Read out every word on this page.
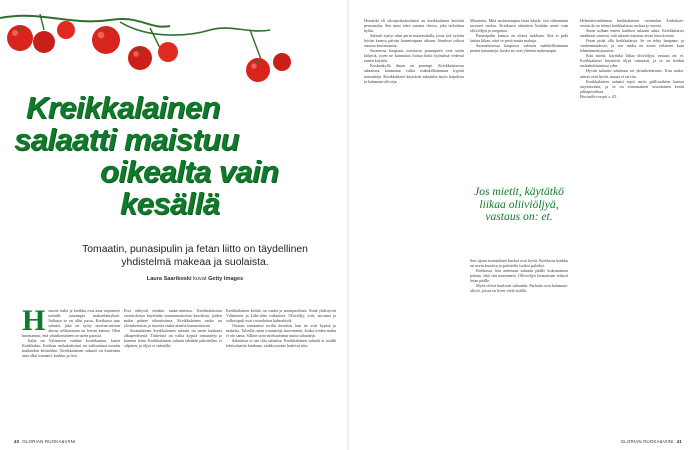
Kreikkalainen
salaatti maistuu
oikealta vain
kesällä

Tomaatin, punasipulin ja fetan liitto on täydellinen yhdistelmä makeaa ja suolaista.

Laura Saarikoski kuvat Getty Images

Himoite italia ja kreikka ovat aina tarjonneet minulle suurimpia makuelämyksiä. Italiassa se on ollut pasta, Kreikassa taas salaatti, joka on syöty taverna-aterian alussa sellaisenaan tai leivän kanssa. Olen huomannut, että yksinkertainen on usein parasta.

Italia on Välimeren vanhaa koulukuntaa, kuten Kreikkakin. Kreikan ruokakulttuuri on vaikuttanut moniin muihinkin keittiöihin. Kreikkalainen salaatti on kuitenkin aina ollut tomaatti, kurkku ja feta.

Erot näkyvät etenkin raaka-aineissa. Kreikkalaisissa ravintoloissa käytetään maustamattomia kasviksia, joiden maku pääsee oikeuksiinsa. Kreikkalainen ruoka on yksinkertaista ja tuoreita raaka-aineita kunnioittavaa.

Suomalainen kreikkalainen salaatti on usein kaukana alkuperäisestä. Tärkeintä on valita kypsiä tomaatteja ja kunnon fetaa. Kreikkalainen salaatti tehdään paloitellen, ei silputen, ja öljyä ei säästellä.

Kreikkalainen keittiö on vanha ja monipuolinen. Siinä yhdistyvät Välimeren ja Lähi-idän vaikutteet. Oliiviöljy, yrtit, sitruuna ja valkosipuli ovat ruoanlaiton kulmakiviä.

Ostatan tomaattini torilta kesäisin, kun ne ovat kypsiä ja makeita. Talvella ostan tomaatteja harvemmin, koska niiden maku ei ole sama. Silloin syön mieluummin muita salaatteja.

Salaatissa ei saa olla salaattia. Kreikkalainen salaatti ei sisällä lehtisalaattia lainkaan, vaikka monet luulevat niin.

40 GLORIAN RUOKA&VIINI	GLORIAN RUOKA&VIINI 41

Horiatiki eli talonpoikaissalaatti on kreikkalaisen keittiön perusruoka. Sen nimi tulee sanasta chorio, joka tarkoittaa kylää.

Salaatti syntyi alun perin maaseudulla, jossa sitä syötiin leivän kanssa päivän kuumimpaan aikaan. Ainekset tulivat omasta kasvimaasta.

Suomessa kaupasta ostettavat punasipulit ovat usein kitkeriä, joten ne kannattaa liottaa hetki kylmässä vedessä ennen käyttöä.

Koskenkyllä ilman on parempi. Kreikkalaisessa salaatissa kannattaa valita mahdollisimman kypsiä tomaatteja. Kreikkalaiset käyttävät salaattiin myös kapriksia ja kalamata-oliiveja.

Maustetta. Mitä suolaisempaa fetaa käytät, sitä vähemmän tarvitset suolaa. Kreikassa salaattiin lisätään usein vain oliiviöljyä ja oreganoa.

Punasipulin kanssa on oltava tarkkana. Sitä ei pidä laittaa liikaa, ettei se peitä muita makuja.

Suomalaisessa kaupassa valitsen mahdollisimman pieniä tomaatteja, koska ne ovat yleensä makeampia.

Jos mietit, käytätkö liikaa oliiviöljyä, vastaus on: et.

Sen sijaan suomalaiset kurkut ovat hyviä. Kreikassa kurkku on usein kuorittu ja paloiteltu isoiksi paloiksi.

Kreikassa feta asetetaan salaatin päälle kokonaisena palana, eikä sitä murenneta. Oliiviöljyä lorautetaan reilusti fetan päälle.

Myös oliivit kuuluvat salaattiin. Parhaita ovat kalamata-oliivit, joissa on kivet vielä sisällä.

Helmiäisvanhinnan kreikkalainen ravintolan Zorbakset-ravintola on tehnyt kreikkalaista ruokaa jo vuosia.

Sinne tullaan ennen kaikkea salaatin takia. Kreikkalaiset asiakkaat sanovat, että salaatti maistuu aivan kuin kotona.

Fetan pitää olla kreikkalaista. Se on tehty lampaan- ja vuohenmaidosta, ja sen maku on aivan erilainen kuin lehmänmaitojuuston.

Kun mietit, käytätkö liikaa oliiviöljyä, vastaus on: et. Kreikkalaiset käyttävät öljyä runsaasti, ja se on heidän ruokakulttuurinsa ydin.

Hyvän salaatin salaisuus on yksinkertaisuus. Kun raaka-aineet ovat hyviä, muuta ei tarvita.

Kreikkalainen salaatti sopii myös grilliruokien kanssa tarjottavaksi, ja se on erinomainen seuralainen kesän juhlapöydässä.

Horiatiki-resepti s. 43.
